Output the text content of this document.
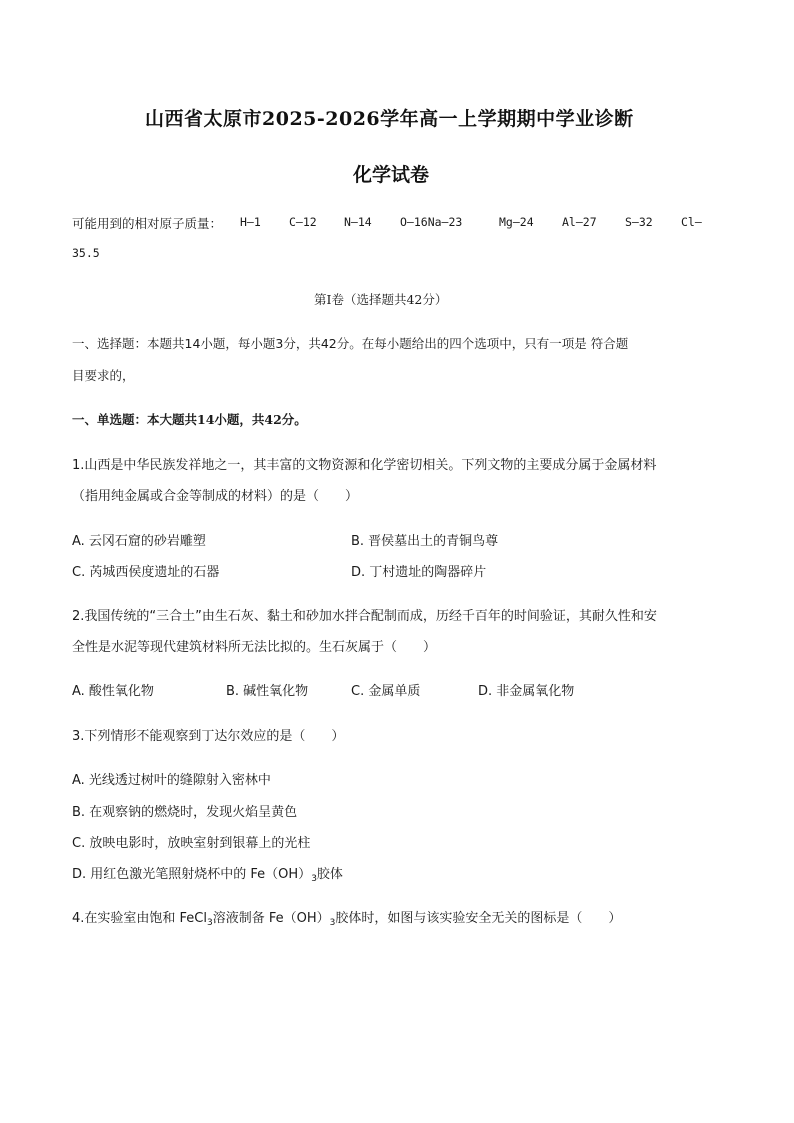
山西省太原市2025-2026学年高一上学期期中学业诊断
化学试卷
可能用到的相对原子质量： H—1 C—12 N—14 O—16Na—23	Mg—24 Al—27 S—32 Cl—
35.5
第Ⅰ卷（选择题共42分）
一、选择题：本题共14小题，每小题3分，共42分。在每小题给出的四个选项中，只有一项是 符合题
目要求的，
一、单选题：本大题共14小题，共42分。
1.山西是中华民族发祥地之一，其丰富的文物资源和化学密切相关。下列文物的主要成分属于金属材料
（指用纯金属或合金等制成的材料）的是（　　）
A. 云冈石窟的砂岩雕塑	B. 晋侯墓出土的青铜鸟尊
C. 芮城西侯度遗址的石器	D. 丁村遗址的陶器碎片
2.我国传统的“三合土”由生石灰、黏土和砂加水拌合配制而成，历经千百年的时间验证，其耐久性和安
全性是水泥等现代建筑材料所无法比拟的。生石灰属于（　　）
A. 酸性氧化物	B. 碱性氧化物	C. 金属单质	D. 非金属氧化物
3.下列情形不能观察到丁达尔效应的是（　　）
A. 光线透过树叶的缝隙射入密林中
B. 在观察钠的燃烧时，发现火焰呈黄色
C. 放映电影时，放映室射到银幕上的光柱
D. 用红色激光笔照射烧杯中的 $Fe(OH)_3$胶体
4.在实验室由饱和 FeCl$_3$溶液制备 $Fe(OH)_3$胶体时，如图与该实验安全无关的图标是（　　）
